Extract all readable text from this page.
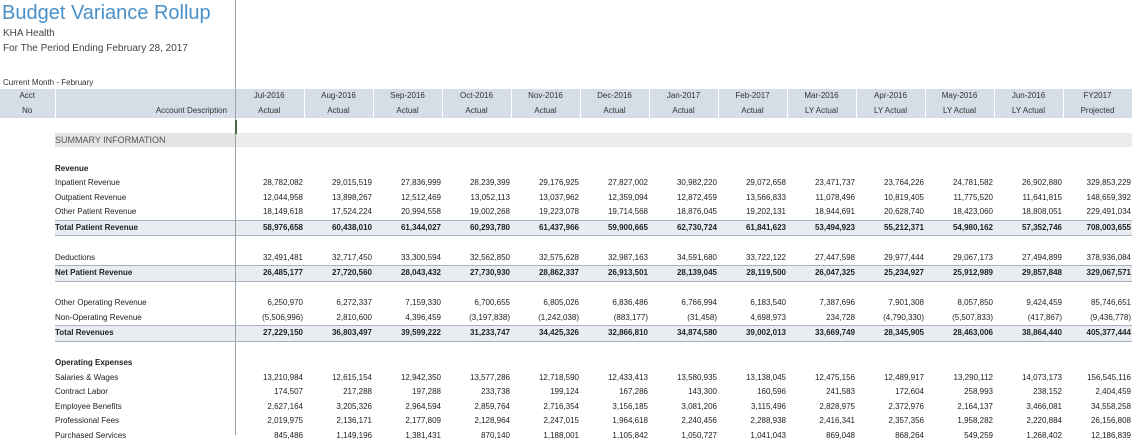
Budget Variance Rollup
KHA Health
For The Period Ending February 28, 2017
Current Month - February
Acct		Jul-2016	Aug-2016	Sep-2016	Oct-2016	Nov-2016	Dec-2016	Jan-2017	Feb-2017	Mar-2016	Apr-2016	May-2016	Jun-2016	FY2017
No	Account Description	Actual	Actual	Actual	Actual	Actual	Actual	Actual	Actual	LY Actual	LY Actual	LY Actual	LY Actual	Projected

	SUMMARY INFORMATION													

	Revenue													
	Inpatient Revenue	28,782,082	29,015,519	27,836,999	28,239,399	29,176,925	27,827,002	30,982,220	29,072,658	23,471,737	23,764,226	24,781,582	26,902,880	329,853,229
	Outpatient Revenue	12,044,958	13,898,267	12,512,469	13,052,113	13,037,962	12,359,094	12,872,459	13,566,833	11,078,496	10,819,405	11,775,520	11,641,815	148,659,392
	Other Patient Revenue	18,149,618	17,524,224	20,994,558	19,002,268	19,223,078	19,714,568	18,876,045	19,202,131	18,944,691	20,628,740	18,423,060	18,808,051	229,491,034
	Total Patient Revenue	58,976,658	60,438,010	61,344,027	60,293,780	61,437,966	59,900,665	62,730,724	61,841,623	53,494,923	55,212,371	54,980,162	57,352,746	708,003,655

	Deductions	32,491,481	32,717,450	33,300,594	32,562,850	32,575,628	32,987,163	34,591,680	33,722,122	27,447,598	29,977,444	29,067,173	27,494,899	378,936,084
	Net Patient Revenue	26,485,177	27,720,560	28,043,432	27,730,930	28,862,337	26,913,501	28,139,045	28,119,500	26,047,325	25,234,927	25,912,989	29,857,848	329,067,571

	Other Operating Revenue	6,250,970	6,272,337	7,159,330	6,700,655	6,805,026	6,836,486	6,766,994	6,183,540	7,387,696	7,901,308	8,057,850	9,424,459	85,746,651
	Non-Operating Revenue	(5,506,996)	2,810,600	4,396,459	(3,197,838)	(1,242,038)	(883,177)	(31,458)	4,698,973	234,728	(4,790,330)	(5,507,833)	(417,867)	(9,436,778)
	Total Revenues	27,229,150	36,803,497	39,599,222	31,233,747	34,425,326	32,866,810	34,874,580	39,002,013	33,669,749	28,345,905	28,463,006	38,864,440	405,377,444

	Operating Expenses													
	Salaries & Wages	13,210,984	12,615,154	12,942,350	13,577,286	12,718,590	12,433,413	13,580,935	13,138,045	12,475,156	12,489,917	13,290,112	14,073,173	156,545,116
	Contract Labor	174,507	217,288	197,288	233,738	199,124	167,286	143,300	160,596	241,583	172,604	258,993	238,152	2,404,459
	Employee Benefits	2,627,164	3,205,326	2,964,594	2,859,764	2,716,354	3,156,185	3,081,206	3,115,496	2,828,975	2,372,976	2,164,137	3,466,081	34,558,258
	Professional Fees	2,019,975	2,136,171	2,177,809	2,128,964	2,247,015	1,964,618	2,240,456	2,288,938	2,416,341	2,357,356	1,958,282	2,220,884	26,156,808
	Purchased Services	845,486	1,149,196	1,381,431	870,140	1,188,001	1,105,842	1,050,727	1,041,043	869,048	868,264	549,259	1,268,402	12,186,839
